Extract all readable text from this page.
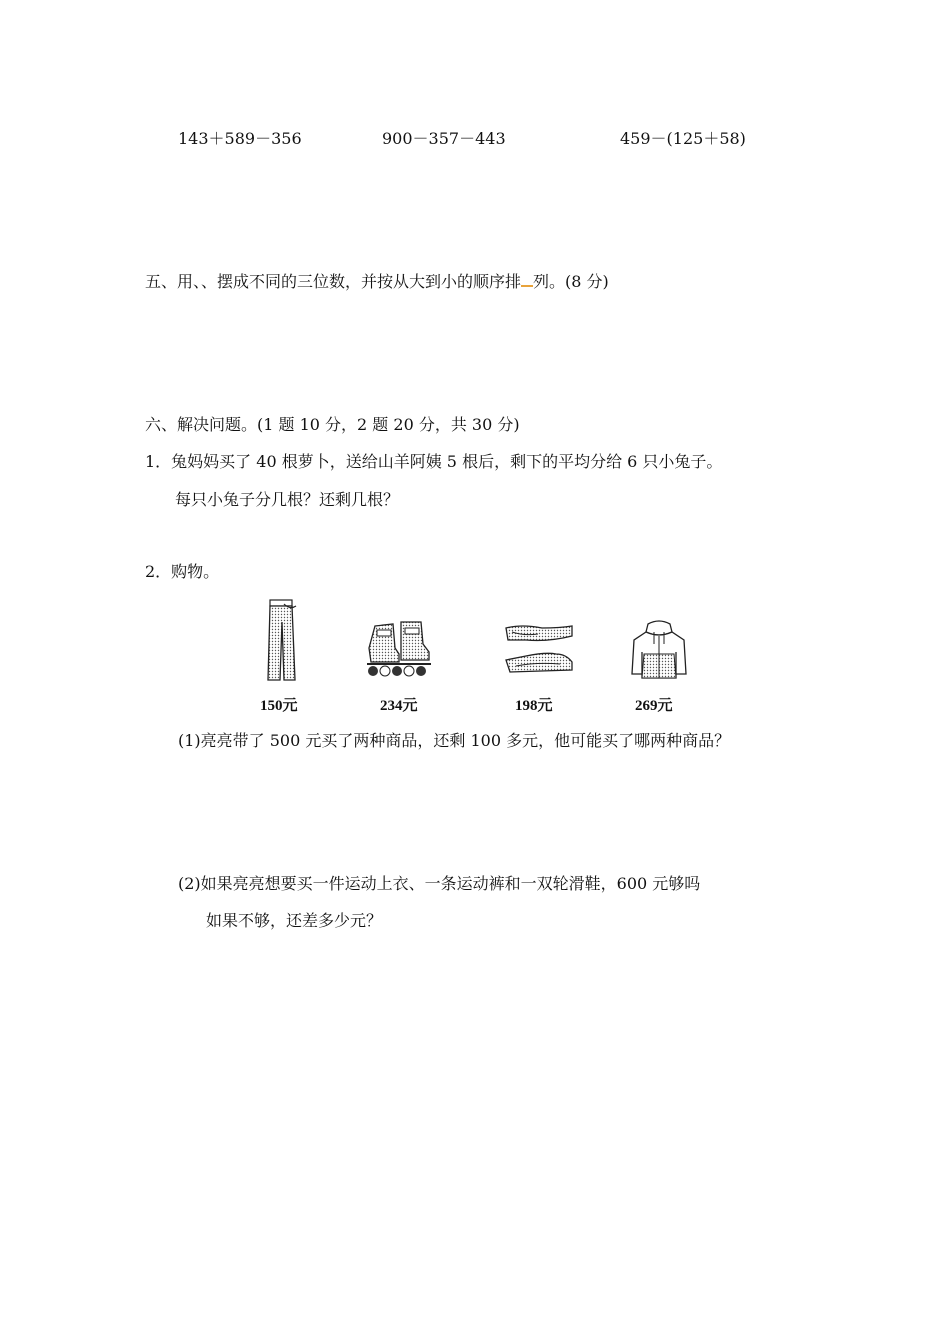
143＋589－356	900－357－443	459－(125＋58)
五、用、、摆成不同的三位数，并按从大到小的顺序排 列。(8 分)
六、解决问题。(1 题 10 分，2 题 20 分，共 30 分)
1．兔妈妈买了 40 根萝卜，送给山羊阿姨 5 根后，剩下的平均分给 6 只小兔子。
每只小兔子分几根？还剩几根？
2．购物。
150元	234元	198元	269元
(1)亮亮带了 500 元买了两种商品，还剩 100 多元，他可能买了哪两种商品？
(2)如果亮亮想要买一件运动上衣、一条运动裤和一双轮滑鞋，600 元够吗
如果不够，还差多少元？
